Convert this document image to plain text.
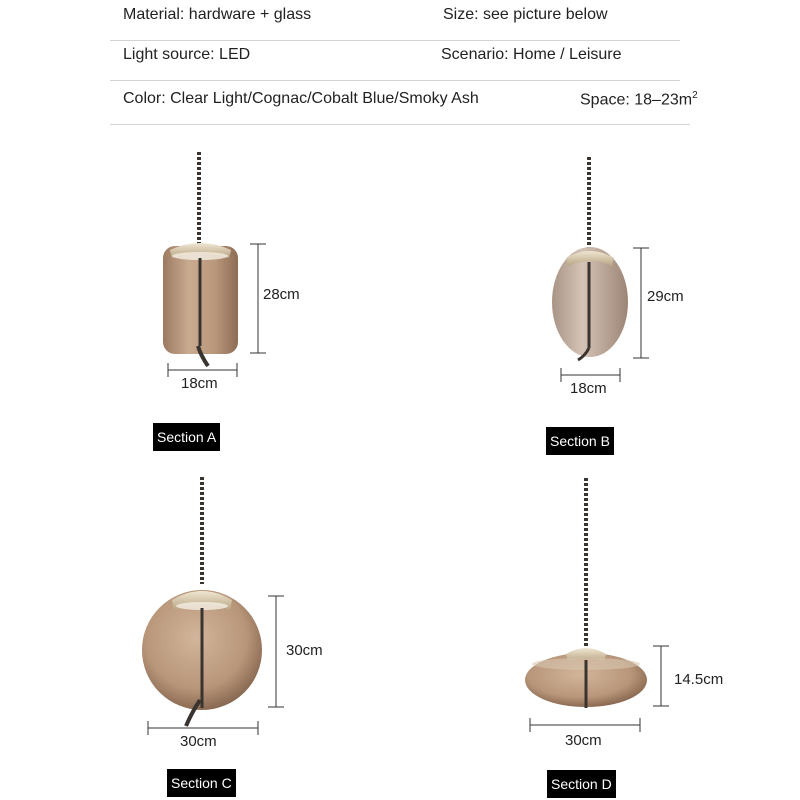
Material: hardware + glass	Size: see picture below
Light source: LED	Scenario: Home / Leisure
Color: Clear Light/Cognac/Cobalt Blue/Smoky Ash	Space: $18-23m^2$
28cm
18cm
29cm
18cm
30cm
30cm
14.5cm
30cm
Section A	Section B
Section C	Section D
